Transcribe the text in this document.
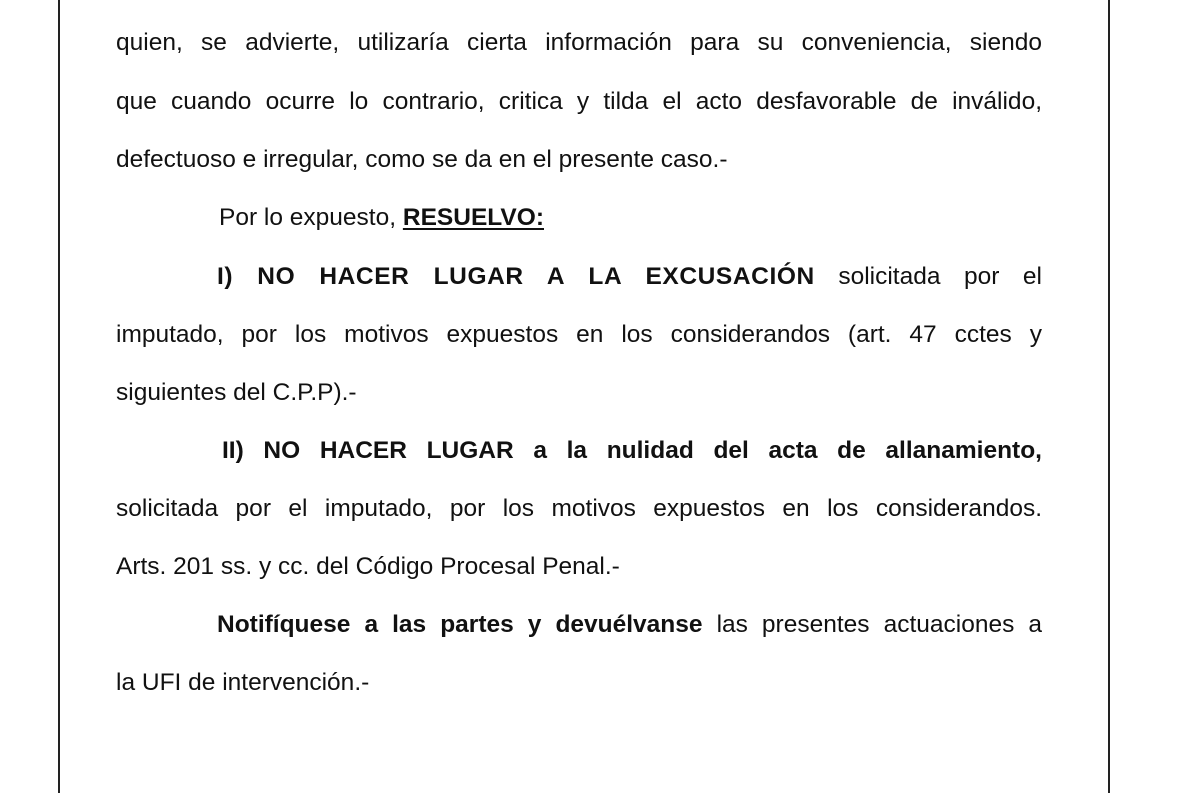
quien, se advierte, utilizaría cierta información para su conveniencia, siendo
que cuando ocurre lo contrario, critica y tilda el acto desfavorable de inválido,
defectuoso e irregular, como se da en el presente caso.-
Por lo expuesto, RESUELVO:
I) NO HACER LUGAR A LA EXCUSACIÓN solicitada por el
imputado, por los motivos expuestos en los considerandos (art. 47 cctes y
siguientes del C.P.P).-
II) NO HACER LUGAR a la nulidad del acta de allanamiento,
solicitada por el imputado, por los motivos expuestos en los considerandos.
Arts. 201 ss. y cc. del Código Procesal Penal.-
Notifíquese a las partes y devuélvanse las presentes actuaciones a
la UFI de intervención.-
